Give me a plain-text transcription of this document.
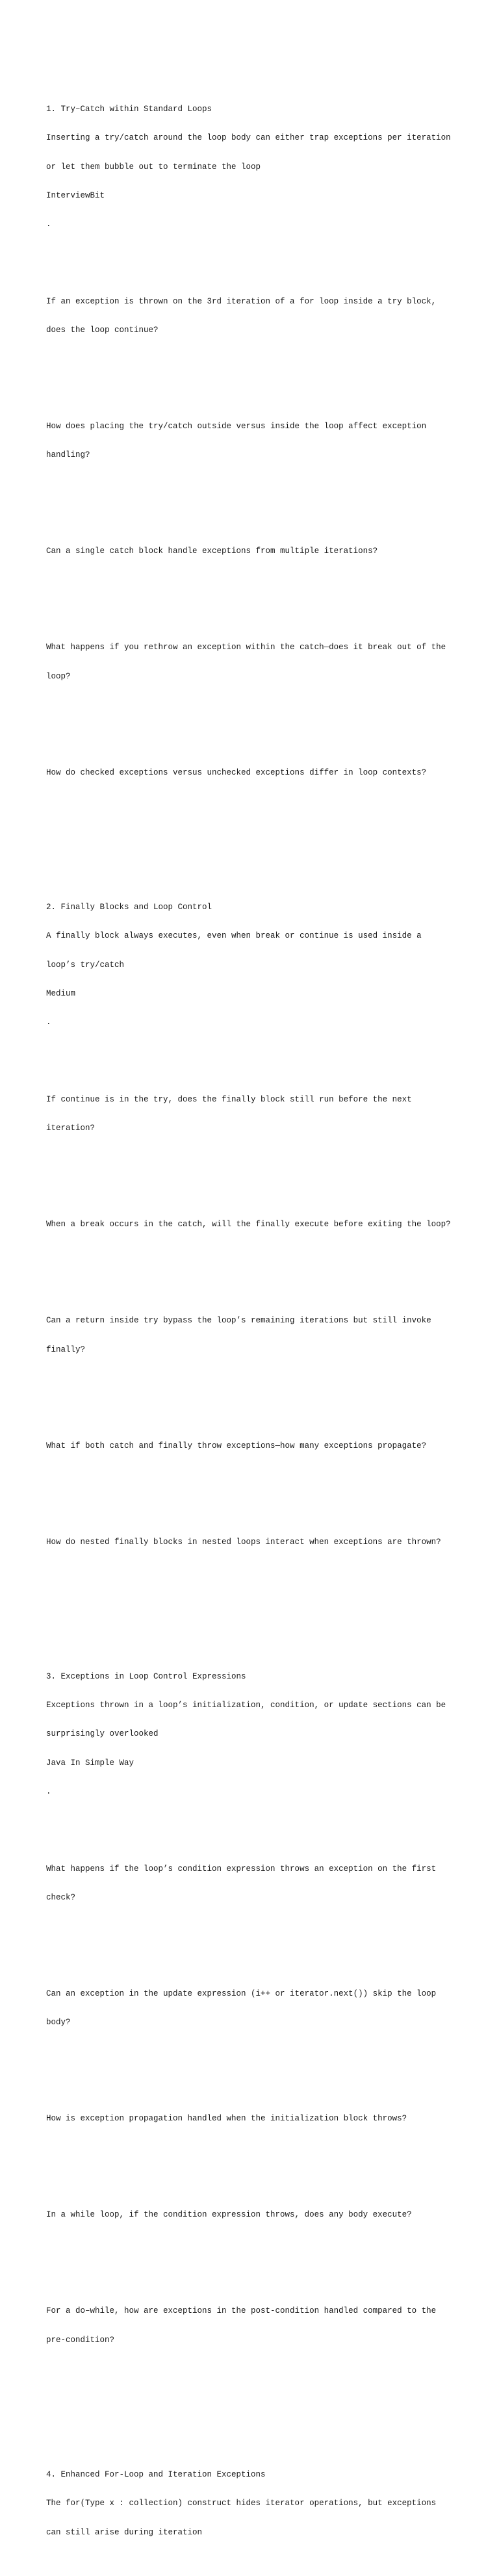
1. Try–Catch within Standard Loops

Inserting a try/catch around the loop body can either trap exceptions per iteration

or let them bubble out to terminate the loop

InterviewBit

.

If an exception is thrown on the 3rd iteration of a for loop inside a try block,

does the loop continue?

How does placing the try/catch outside versus inside the loop affect exception

handling?

Can a single catch block handle exceptions from multiple iterations?

What happens if you rethrow an exception within the catch—does it break out of the

loop?

How do checked exceptions versus unchecked exceptions differ in loop contexts?

2. Finally Blocks and Loop Control

A finally block always executes, even when break or continue is used inside a

loop’s try/catch

Medium

.

If continue is in the try, does the finally block still run before the next

iteration?

When a break occurs in the catch, will the finally execute before exiting the loop?

Can a return inside try bypass the loop’s remaining iterations but still invoke

finally?

What if both catch and finally throw exceptions—how many exceptions propagate?

How do nested finally blocks in nested loops interact when exceptions are thrown?

3. Exceptions in Loop Control Expressions

Exceptions thrown in a loop’s initialization, condition, or update sections can be

surprisingly overlooked

Java In Simple Way

.

What happens if the loop’s condition expression throws an exception on the first

check?

Can an exception in the update expression (i++ or iterator.next()) skip the loop

body?

How is exception propagation handled when the initialization block throws?

In a while loop, if the condition expression throws, does any body execute?

For a do–while, how are exceptions in the post-condition handled compared to the

pre-condition?

4. Enhanced For-Loop and Iteration Exceptions

The for(Type x : collection) construct hides iterator operations, but exceptions

can still arise during iteration
